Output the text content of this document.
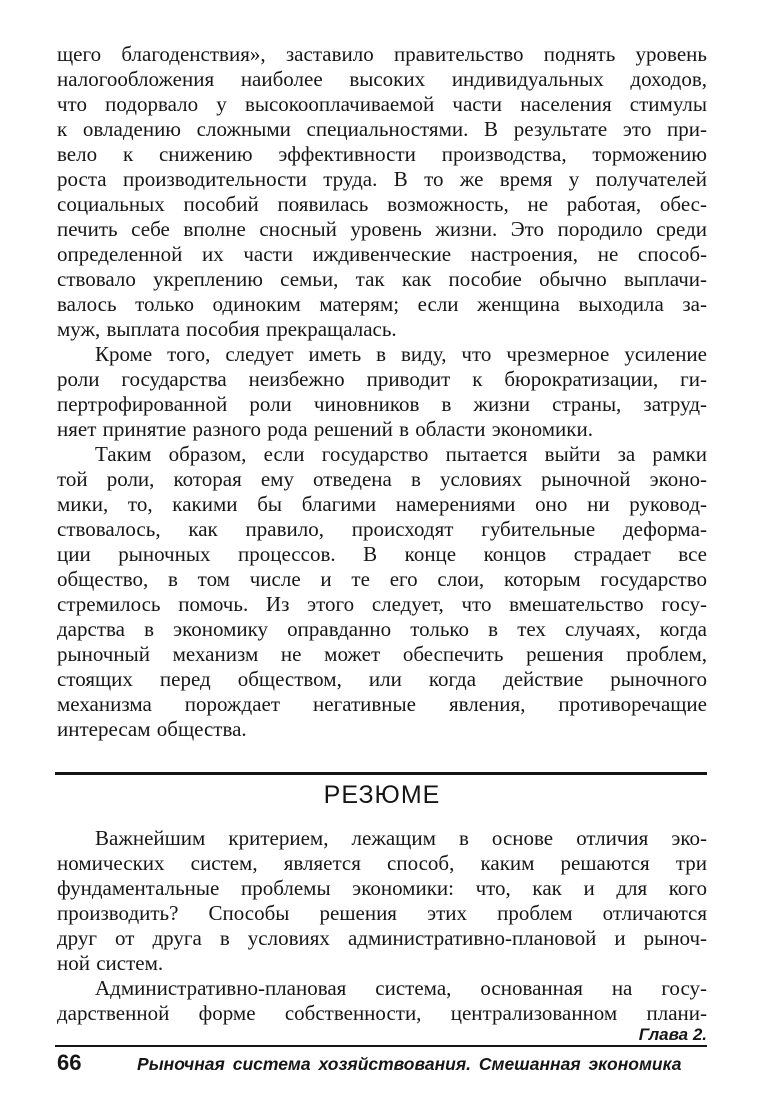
щего благоденствия», заставило правительство поднять уровень
налогообложения наиболее высоких индивидуальных доходов,
что подорвало у высокооплачиваемой части населения стимулы
к овладению сложными специальностями. В результате это при-
вело к снижению эффективности производства, торможению
роста производительности труда. В то же время у получателей
социальных пособий появилась возможность, не работая, обес-
печить себе вполне сносный уровень жизни. Это породило среди
определенной их части иждивенческие настроения, не способ-
ствовало укреплению семьи, так как пособие обычно выплачи-
валось только одиноким матерям; если женщина выходила за-
муж, выплата пособия прекращалась.
Кроме того, следует иметь в виду, что чрезмерное усиление
роли государства неизбежно приводит к бюрократизации, ги-
пертрофированной роли чиновников в жизни страны, затруд-
няет принятие разного рода решений в области экономики.
Таким образом, если государство пытается выйти за рамки
той роли, которая ему отведена в условиях рыночной эконо-
мики, то, какими бы благими намерениями оно ни руковод-
ствовалось, как правило, происходят губительные деформа-
ции рыночных процессов. В конце концов страдает все
общество, в том числе и те его слои, которым государство
стремилось помочь. Из этого следует, что вмешательство госу-
дарства в экономику оправданно только в тех случаях, когда
рыночный механизм не может обеспечить решения проблем,
стоящих перед обществом, или когда действие рыночного
механизма порождает негативные явления, противоречащие
интересам общества.
РЕЗЮМЕ
Важнейшим критерием, лежащим в основе отличия эко-
номических систем, является способ, каким решаются три
фундаментальные проблемы экономики: что, как и для кого
производить? Способы решения этих проблем отличаются
друг от друга в условиях административно-плановой и рыноч-
ной систем.
Административно-плановая система, основанная на госу-
дарственной форме собственности, централизованном плани-
Глава 2.
66	Рыночная система хозяйствования. Смешанная экономика
